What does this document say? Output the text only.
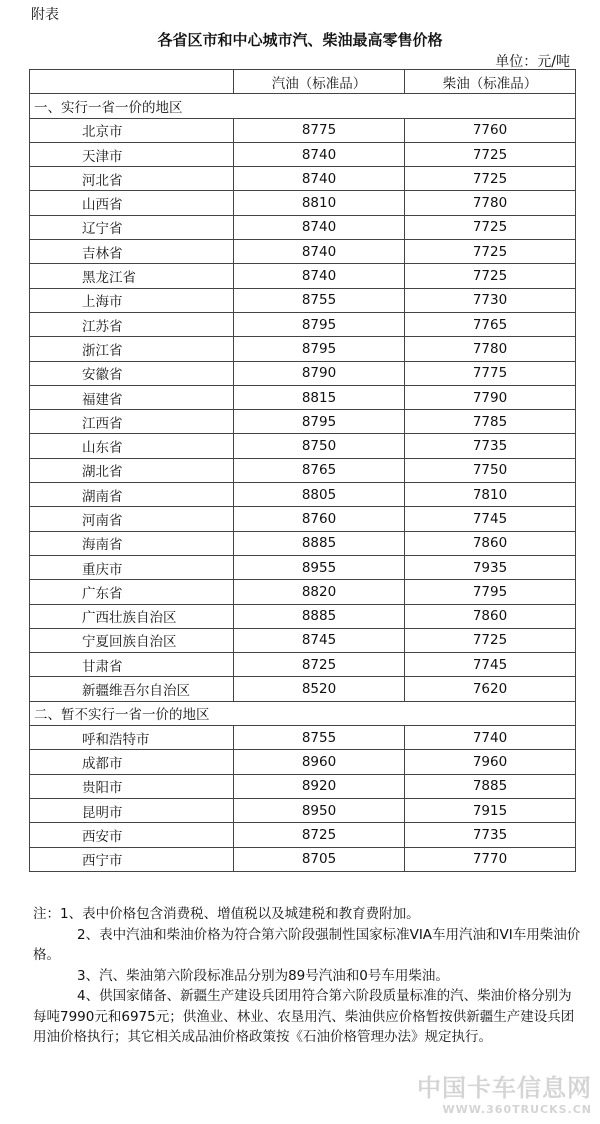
附表
各省区市和中心城市汽、柴油最高零售价格
单位：元/吨
	汽油（标准品）	柴油（标准品）
一、实行一省一价的地区		
北京市	8775	7760
天津市	8740	7725
河北省	8740	7725
山西省	8810	7780
辽宁省	8740	7725
吉林省	8740	7725
黑龙江省	8740	7725
上海市	8755	7730
江苏省	8795	7765
浙江省	8795	7780
安徽省	8790	7775
福建省	8815	7790
江西省	8795	7785
山东省	8750	7735
湖北省	8765	7750
湖南省	8805	7810
河南省	8760	7745
海南省	8885	7860
重庆市	8955	7935
广东省	8820	7795
广西壮族自治区	8885	7860
宁夏回族自治区	8745	7725
甘肃省	8725	7745
新疆维吾尔自治区	8520	7620
二、暂不实行一省一价的地区		
呼和浩特市	8755	7740
成都市	8960	7960
贵阳市	8920	7885
昆明市	8950	7915
西安市	8725	7735
西宁市	8705	7770

注：1、表中价格包含消费税、增值税以及城建税和教育费附加。

2、表中汽油和柴油价格为符合第六阶段强制性国家标准VIA车用汽油和VI车用柴油价格。

3、汽、柴油第六阶段标准品分别为89号汽油和0号车用柴油。

4、供国家储备、新疆生产建设兵团用符合第六阶段质量标准的汽、柴油价格分别为每吨7990元和6975元；供渔业、林业、农垦用汽、柴油供应价格暂按供新疆生产建设兵团用油价格执行；其它相关成品油价格政策按《石油价格管理办法》规定执行。

中国卡车信息网
WWW.360TRUCKS.CN
